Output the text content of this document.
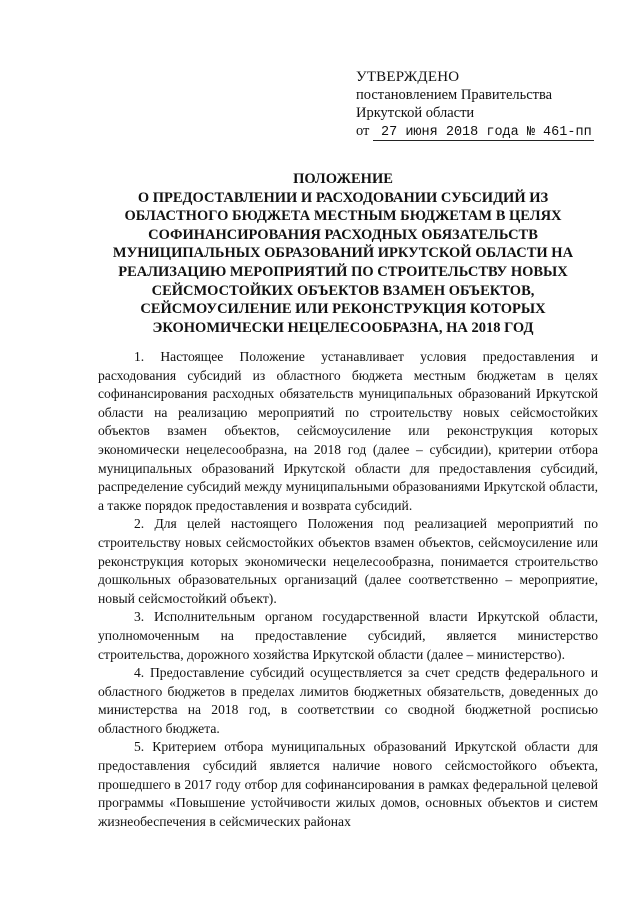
УТВЕРЖДЕНО
постановлением Правительства
Иркутской области
от 27 июня 2018 года № 461-пп
ПОЛОЖЕНИЕ
О ПРЕДОСТАВЛЕНИИ И РАСХОДОВАНИИ СУБСИДИЙ ИЗ
ОБЛАСТНОГО БЮДЖЕТА МЕСТНЫМ БЮДЖЕТАМ В ЦЕЛЯХ
СОФИНАНСИРОВАНИЯ РАСХОДНЫХ ОБЯЗАТЕЛЬСТВ
МУНИЦИПАЛЬНЫХ ОБРАЗОВАНИЙ ИРКУТСКОЙ ОБЛАСТИ НА
РЕАЛИЗАЦИЮ МЕРОПРИЯТИЙ ПО СТРОИТЕЛЬСТВУ НОВЫХ
СЕЙСМОСТОЙКИХ ОБЪЕКТОВ ВЗАМЕН ОБЪЕКТОВ,
СЕЙСМОУСИЛЕНИЕ ИЛИ РЕКОНСТРУКЦИЯ КОТОРЫХ
ЭКОНОМИЧЕСКИ НЕЦЕЛЕСООБРАЗНА, НА 2018 ГОД

1. Настоящее Положение устанавливает условия предоставления и расходования субсидий из областного бюджета местным бюджетам в целях софинансирования расходных обязательств муниципальных образований Иркутской области на реализацию мероприятий по строительству новых сейсмостойких объектов взамен объектов, сейсмоусиление или реконструкция которых экономически нецелесообразна, на 2018 год (далее – субсидии), критерии отбора муниципальных образований Иркутской области для предоставления субсидий, распределение субсидий между муниципальными образованиями Иркутской области, а также порядок предоставления и возврата субсидий.

2. Для целей настоящего Положения под реализацией мероприятий по строительству новых сейсмостойких объектов взамен объектов, сейсмоусиление или реконструкция которых экономически нецелесообразна, понимается строительство дошкольных образовательных организаций (далее соответственно – мероприятие, новый сейсмостойкий объект).

3. Исполнительным органом государственной власти Иркутской области, уполномоченным на предоставление субсидий, является министерство строительства, дорожного хозяйства Иркутской области (далее – министерство).

4. Предоставление субсидий осуществляется за счет средств федерального и областного бюджетов в пределах лимитов бюджетных обязательств, доведенных до министерства на 2018 год, в соответствии со сводной бюджетной росписью областного бюджета.

5. Критерием отбора муниципальных образований Иркутской области для предоставления субсидий является наличие нового сейсмостойкого объекта, прошедшего в 2017 году отбор для софинансирования в рамках федеральной целевой программы «Повышение устойчивости жилых домов, основных объектов и систем жизнеобеспечения в сейсмических районах
